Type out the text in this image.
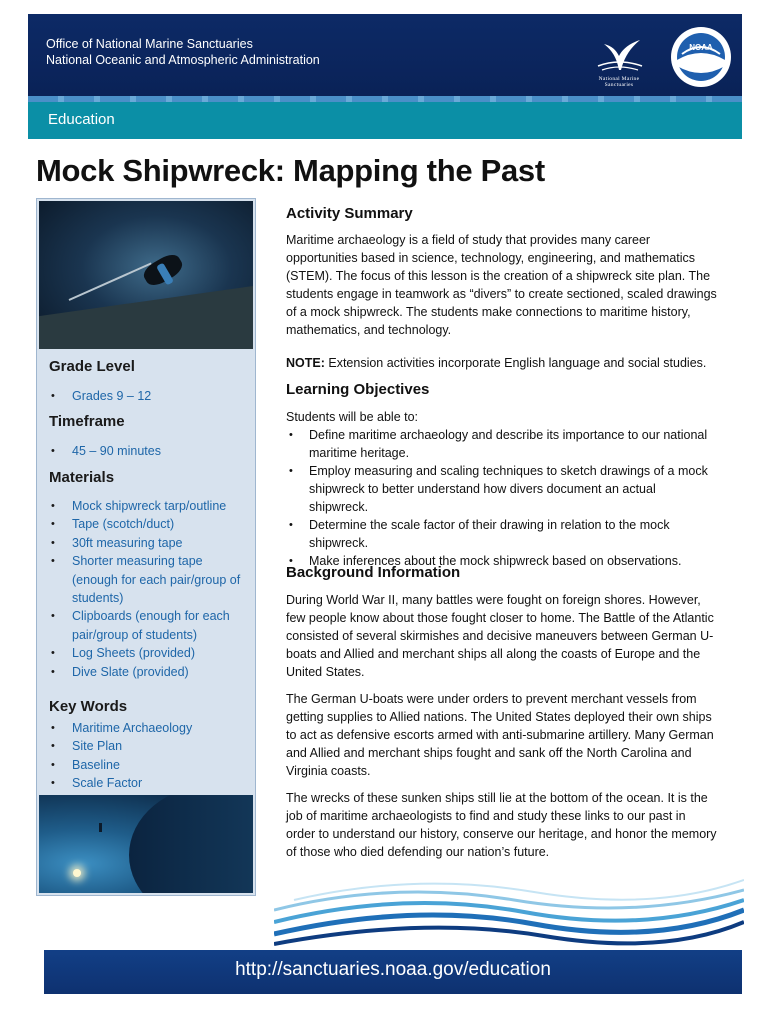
Office of National Marine Sanctuaries
National Oceanic and Atmospheric Administration
National Marine Sanctuaries
NOAA
Education
Mock Shipwreck: Mapping the Past
Grade Level
• Grades 9 – 12
Timeframe
• 45 – 90 minutes
Materials
• Mock shipwreck tarp/outline
• Tape (scotch/duct)
• 30ft measuring tape
• Shorter measuring tape
(enough for each pair/group of
students)
• Clipboards (enough for each
pair/group of students)
• Log Sheets (provided)
• Dive Slate (provided)
Key Words
• Maritime Archaeology
• Site Plan
• Baseline
• Scale Factor
Activity Summary

Maritime archaeology is a field of study that provides many career opportunities based in science, technology, engineering, and mathematics (STEM). The focus of this lesson is the creation of a shipwreck site plan. The students engage in teamwork as “divers” to create sectioned, scaled drawings of a mock shipwreck. The students make connections to maritime history, mathematics, and technology.

NOTE: Extension activities incorporate English language and social studies.

Learning Objectives

Students will be able to:

• Define maritime archaeology and describe its importance to our national maritime heritage.
• Employ measuring and scaling techniques to sketch drawings of a mock shipwreck to better understand how divers document an actual shipwreck.
• Determine the scale factor of their drawing in relation to the mock shipwreck.
• Make inferences about the mock shipwreck based on observations.
Background Information

During World War II, many battles were fought on foreign shores. However, few people know about those fought closer to home. The Battle of the Atlantic consisted of several skirmishes and decisive maneuvers between German U-boats and Allied and merchant ships all along the coasts of Europe and the United States.

The German U-boats were under orders to prevent merchant vessels from getting supplies to Allied nations. The United States deployed their own ships to act as defensive escorts armed with anti-submarine artillery. Many German and Allied and merchant ships fought and sank off the North Carolina and Virginia coasts.

The wrecks of these sunken ships still lie at the bottom of the ocean. It is the job of maritime archaeologists to find and study these links to our past in order to understand our history, conserve our heritage, and honor the memory of those who died defending our nation’s future.

http://sanctuaries.noaa.gov/education
